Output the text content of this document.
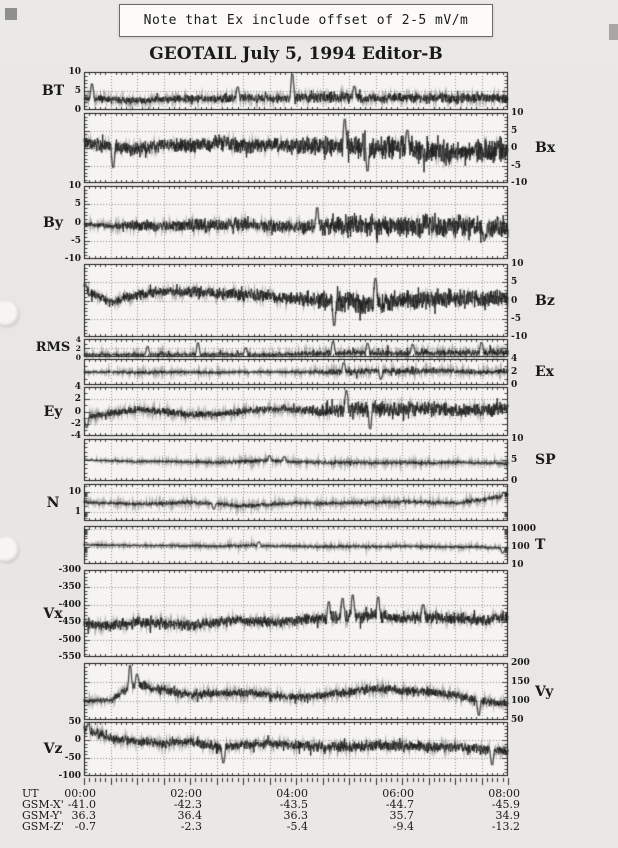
BT
10
5
0
Bx
10
5
0
-5
-10
By
10
5
0
-5
-10
Bz
10
5
0
-5
-10
RMS
4
2
0
Ex
4
2
0
Ey
4
2
0
-2
-4
SP
10
5
0
N
10
1
T
1000
100
10
Vx
-300
-350
-400
-450
-500
-550
Vy
200
150
100
50
Vz
50
0
-50
-100
UT	00:00	02:00	04:00	06:00	08:00
GSM-X' -41.0	-42.3	-43.5	-44.7	-45.9
GSM-Y' 36.3	36.4	36.3	35.7	34.9
GSM-Z' -0.7	-2.3	-5.4	-9.4	-13.2
